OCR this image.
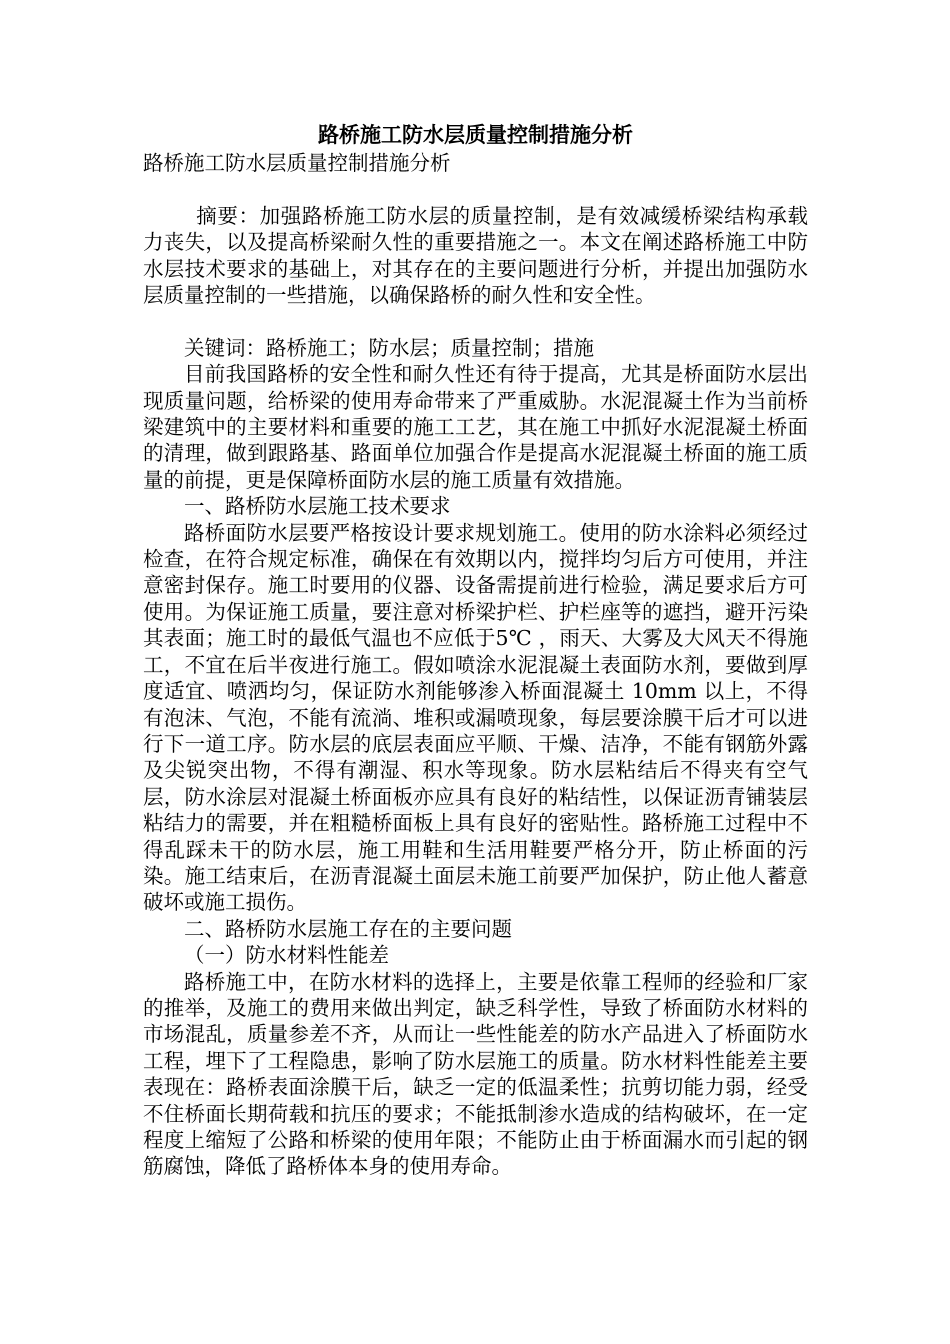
路桥施工防水层质量控制措施分析

路桥施工防水层质量控制措施分析

摘要：加强路桥施工防水层的质量控制，是有效减缓桥梁结构承载力丧失，以及提高桥梁耐久性的重要措施之一。本文在阐述路桥施工中防水层技术要求的基础上，对其存在的主要问题进行分析，并提出加强防水层质量控制的一些措施，以确保路桥的耐久性和安全性。

关键词：路桥施工；防水层；质量控制；措施

目前我国路桥的安全性和耐久性还有待于提高，尤其是桥面防水层出现质量问题，给桥梁的使用寿命带来了严重威胁。水泥混凝土作为当前桥梁建筑中的主要材料和重要的施工工艺，其在施工中抓好水泥混凝土桥面的清理，做到跟路基、路面单位加强合作是提高水泥混凝土桥面的施工质量的前提，更是保障桥面防水层的施工质量有效措施。

一、路桥防水层施工技术要求

路桥面防水层要严格按设计要求规划施工。使用的防水涂料必须经过检查，在符合规定标准，确保在有效期以内，搅拌均匀后方可使用，并注意密封保存。施工时要用的仪器、设备需提前进行检验，满足要求后方可使用。为保证施工质量，要注意对桥梁护栏、护栏座等的遮挡，避开污染其表面；施工时的最低气温也不应低于5℃ ，雨天、大雾及大风天不得施工，不宜在后半夜进行施工。假如喷涂水泥混凝土表面防水剂，要做到厚度适宜、喷洒均匀，保证防水剂能够渗入桥面混凝土 10mm 以上，不得有泡沫、气泡，不能有流淌、堆积或漏喷现象，每层要涂膜干后才可以进行下一道工序。防水层的底层表面应平顺、干燥、洁净，不能有钢筋外露及尖锐突出物，不得有潮湿、积水等现象。防水层粘结后不得夹有空气层，防水涂层对混凝土桥面板亦应具有良好的粘结性，以保证沥青铺装层粘结力的需要，并在粗糙桥面板上具有良好的密贴性。路桥施工过程中不得乱踩未干的防水层，施工用鞋和生活用鞋要严格分开，防止桥面的污染。施工结束后，在沥青混凝土面层未施工前要严加保护，防止他人蓄意破坏或施工损伤。

二、路桥防水层施工存在的主要问题

（一）防水材料性能差

路桥施工中，在防水材料的选择上，主要是依靠工程师的经验和厂家的推举，及施工的费用来做出判定，缺乏科学性，导致了桥面防水材料的市场混乱，质量参差不齐，从而让一些性能差的防水产品进入了桥面防水工程，埋下了工程隐患，影响了防水层施工的质量。防水材料性能差主要表现在：路桥表面涂膜干后，缺乏一定的低温柔性；抗剪切能力弱，经受不住桥面长期荷载和抗压的要求；不能抵制渗水造成的结构破坏，在一定程度上缩短了公路和桥梁的使用年限；不能防止由于桥面漏水而引起的钢筋腐蚀，降低了路桥体本身的使用寿命。
